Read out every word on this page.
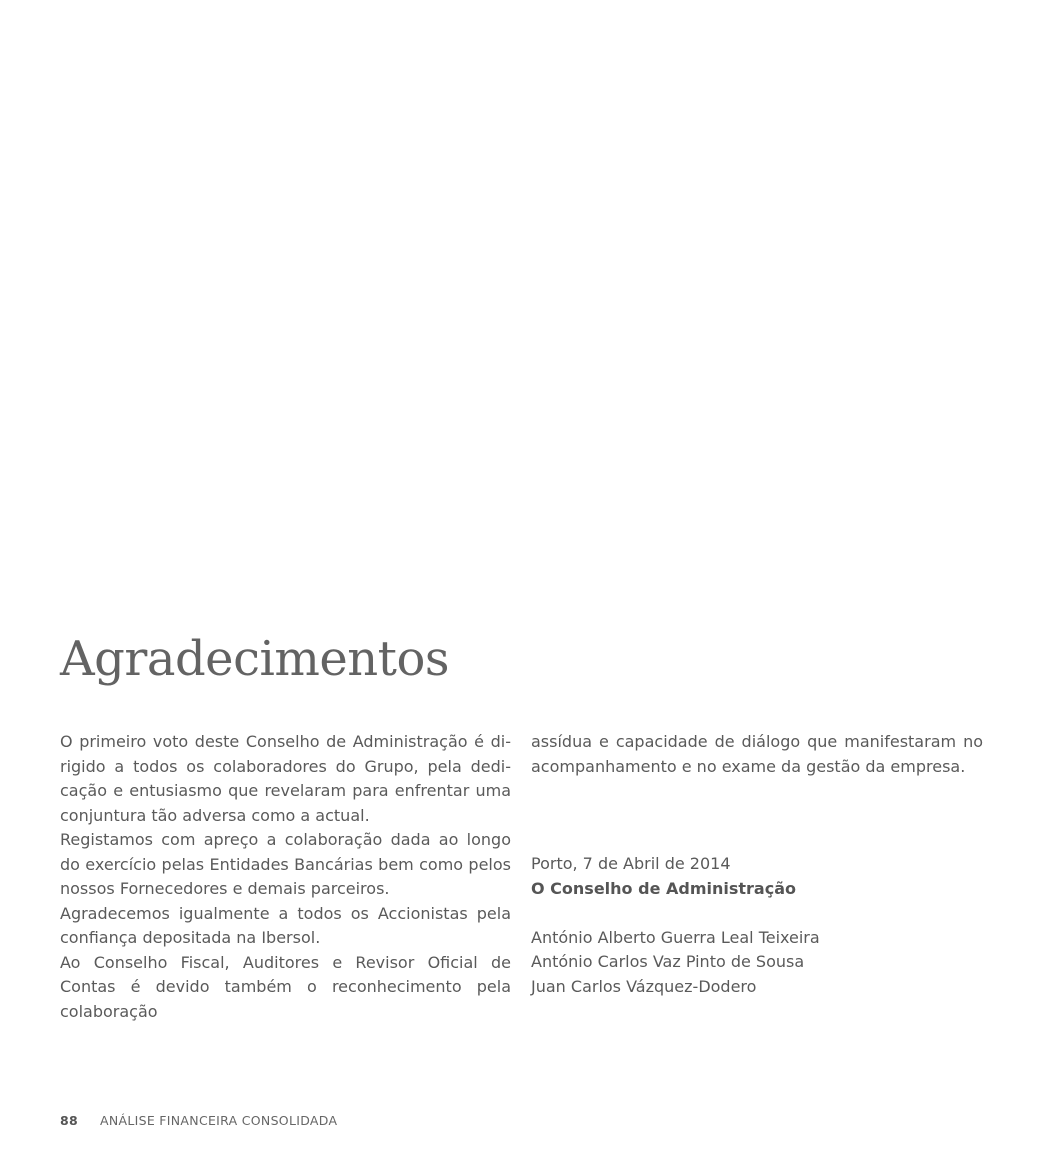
Agradecimentos

O primeiro voto deste Conselho de Administração é dirigido a todos os colaboradores do Grupo, pela dedicação e entusiasmo que revelaram para enfrentar uma conjuntura tão adversa como a actual.

Registamos com apreço a colaboração dada ao longo do exercício pelas Entidades Bancárias bem como pelos nossos Fornecedores e demais parceiros.

Agradecemos igualmente a todos os Accionistas pela confiança depositada na Ibersol.

Ao Conselho Fiscal, Auditores e Revisor Oficial de Contas é devido também o reconhecimento pela colaboração

assídua e capacidade de diálogo que manifestaram no acompanhamento e no exame da gestão da empresa.

Porto, 7 de Abril de 2014
O Conselho de Administração
António Alberto Guerra Leal Teixeira
António Carlos Vaz Pinto de Sousa
Juan Carlos Vázquez-Dodero
88 ANÁLISE FINANCEIRA CONSOLIDADA
